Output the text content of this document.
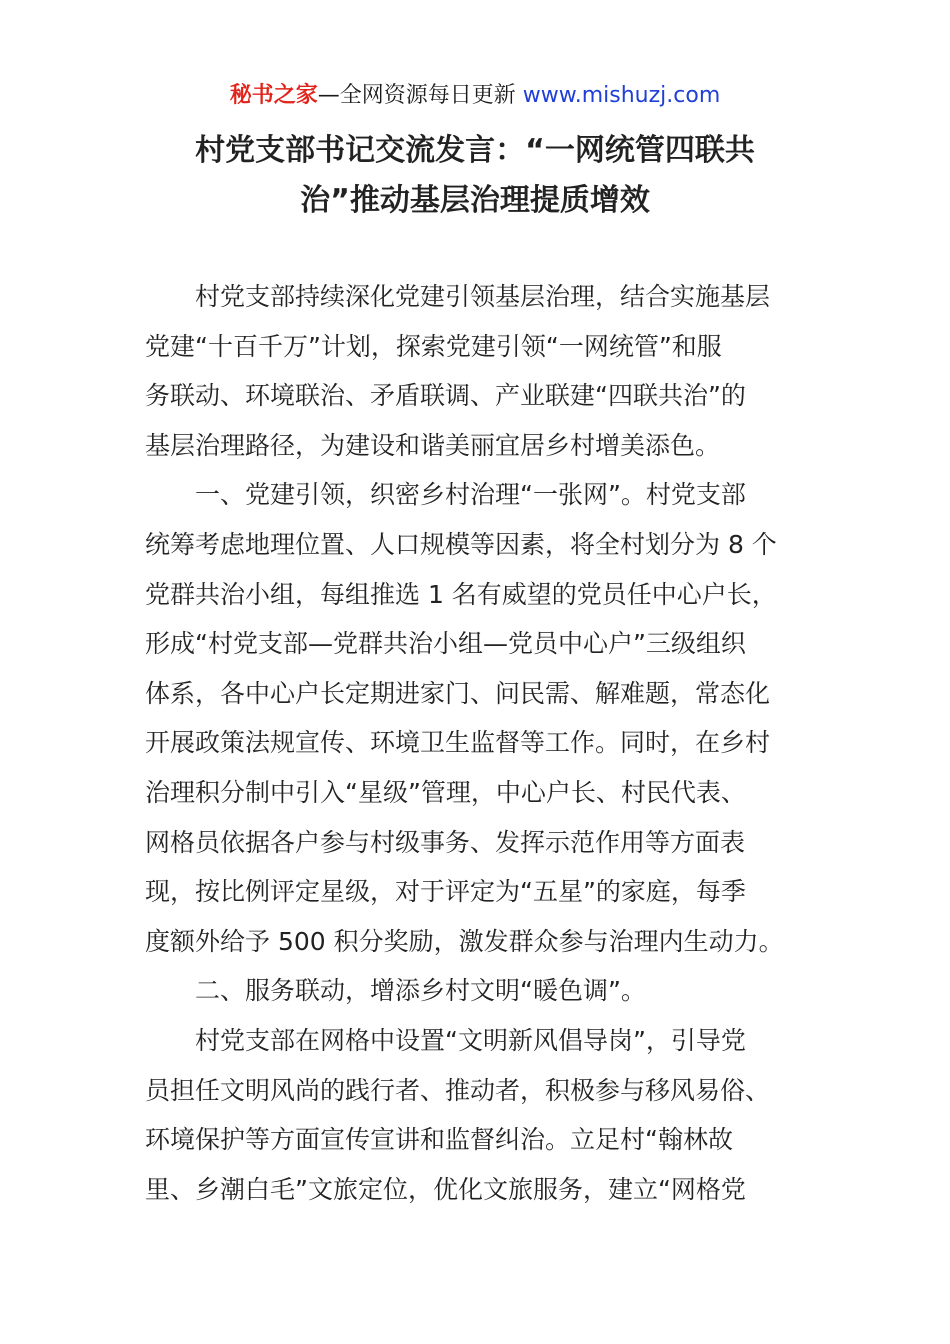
秘书之家—全网资源每日更新 www.mishuzj.com
村党支部书记交流发言：“一网统管四联共
治”推动基层治理提质增效
村党支部持续深化党建引领基层治理，结合实施基层
党建“十百千万”计划，探索党建引领“一网统管”和服
务联动、环境联治、矛盾联调、产业联建“四联共治”的
基层治理路径，为建设和谐美丽宜居乡村增美添色。
一、党建引领，织密乡村治理“一张网”。村党支部
统筹考虑地理位置、人口规模等因素，将全村划分为 8 个
党群共治小组，每组推选 1 名有威望的党员任中心户长，
形成“村党支部—党群共治小组—党员中心户”三级组织
体系，各中心户长定期进家门、问民需、解难题，常态化
开展政策法规宣传、环境卫生监督等工作。同时，在乡村
治理积分制中引入“星级”管理，中心户长、村民代表、
网格员依据各户参与村级事务、发挥示范作用等方面表
现，按比例评定星级，对于评定为“五星”的家庭，每季
度额外给予 500 积分奖励，激发群众参与治理内生动力。
二、服务联动，增添乡村文明“暖色调”。
村党支部在网格中设置“文明新风倡导岗”，引导党
员担任文明风尚的践行者、推动者，积极参与移风易俗、
环境保护等方面宣传宣讲和监督纠治。立足村“翰林故
里、乡潮白毛”文旅定位，优化文旅服务，建立“网格党
